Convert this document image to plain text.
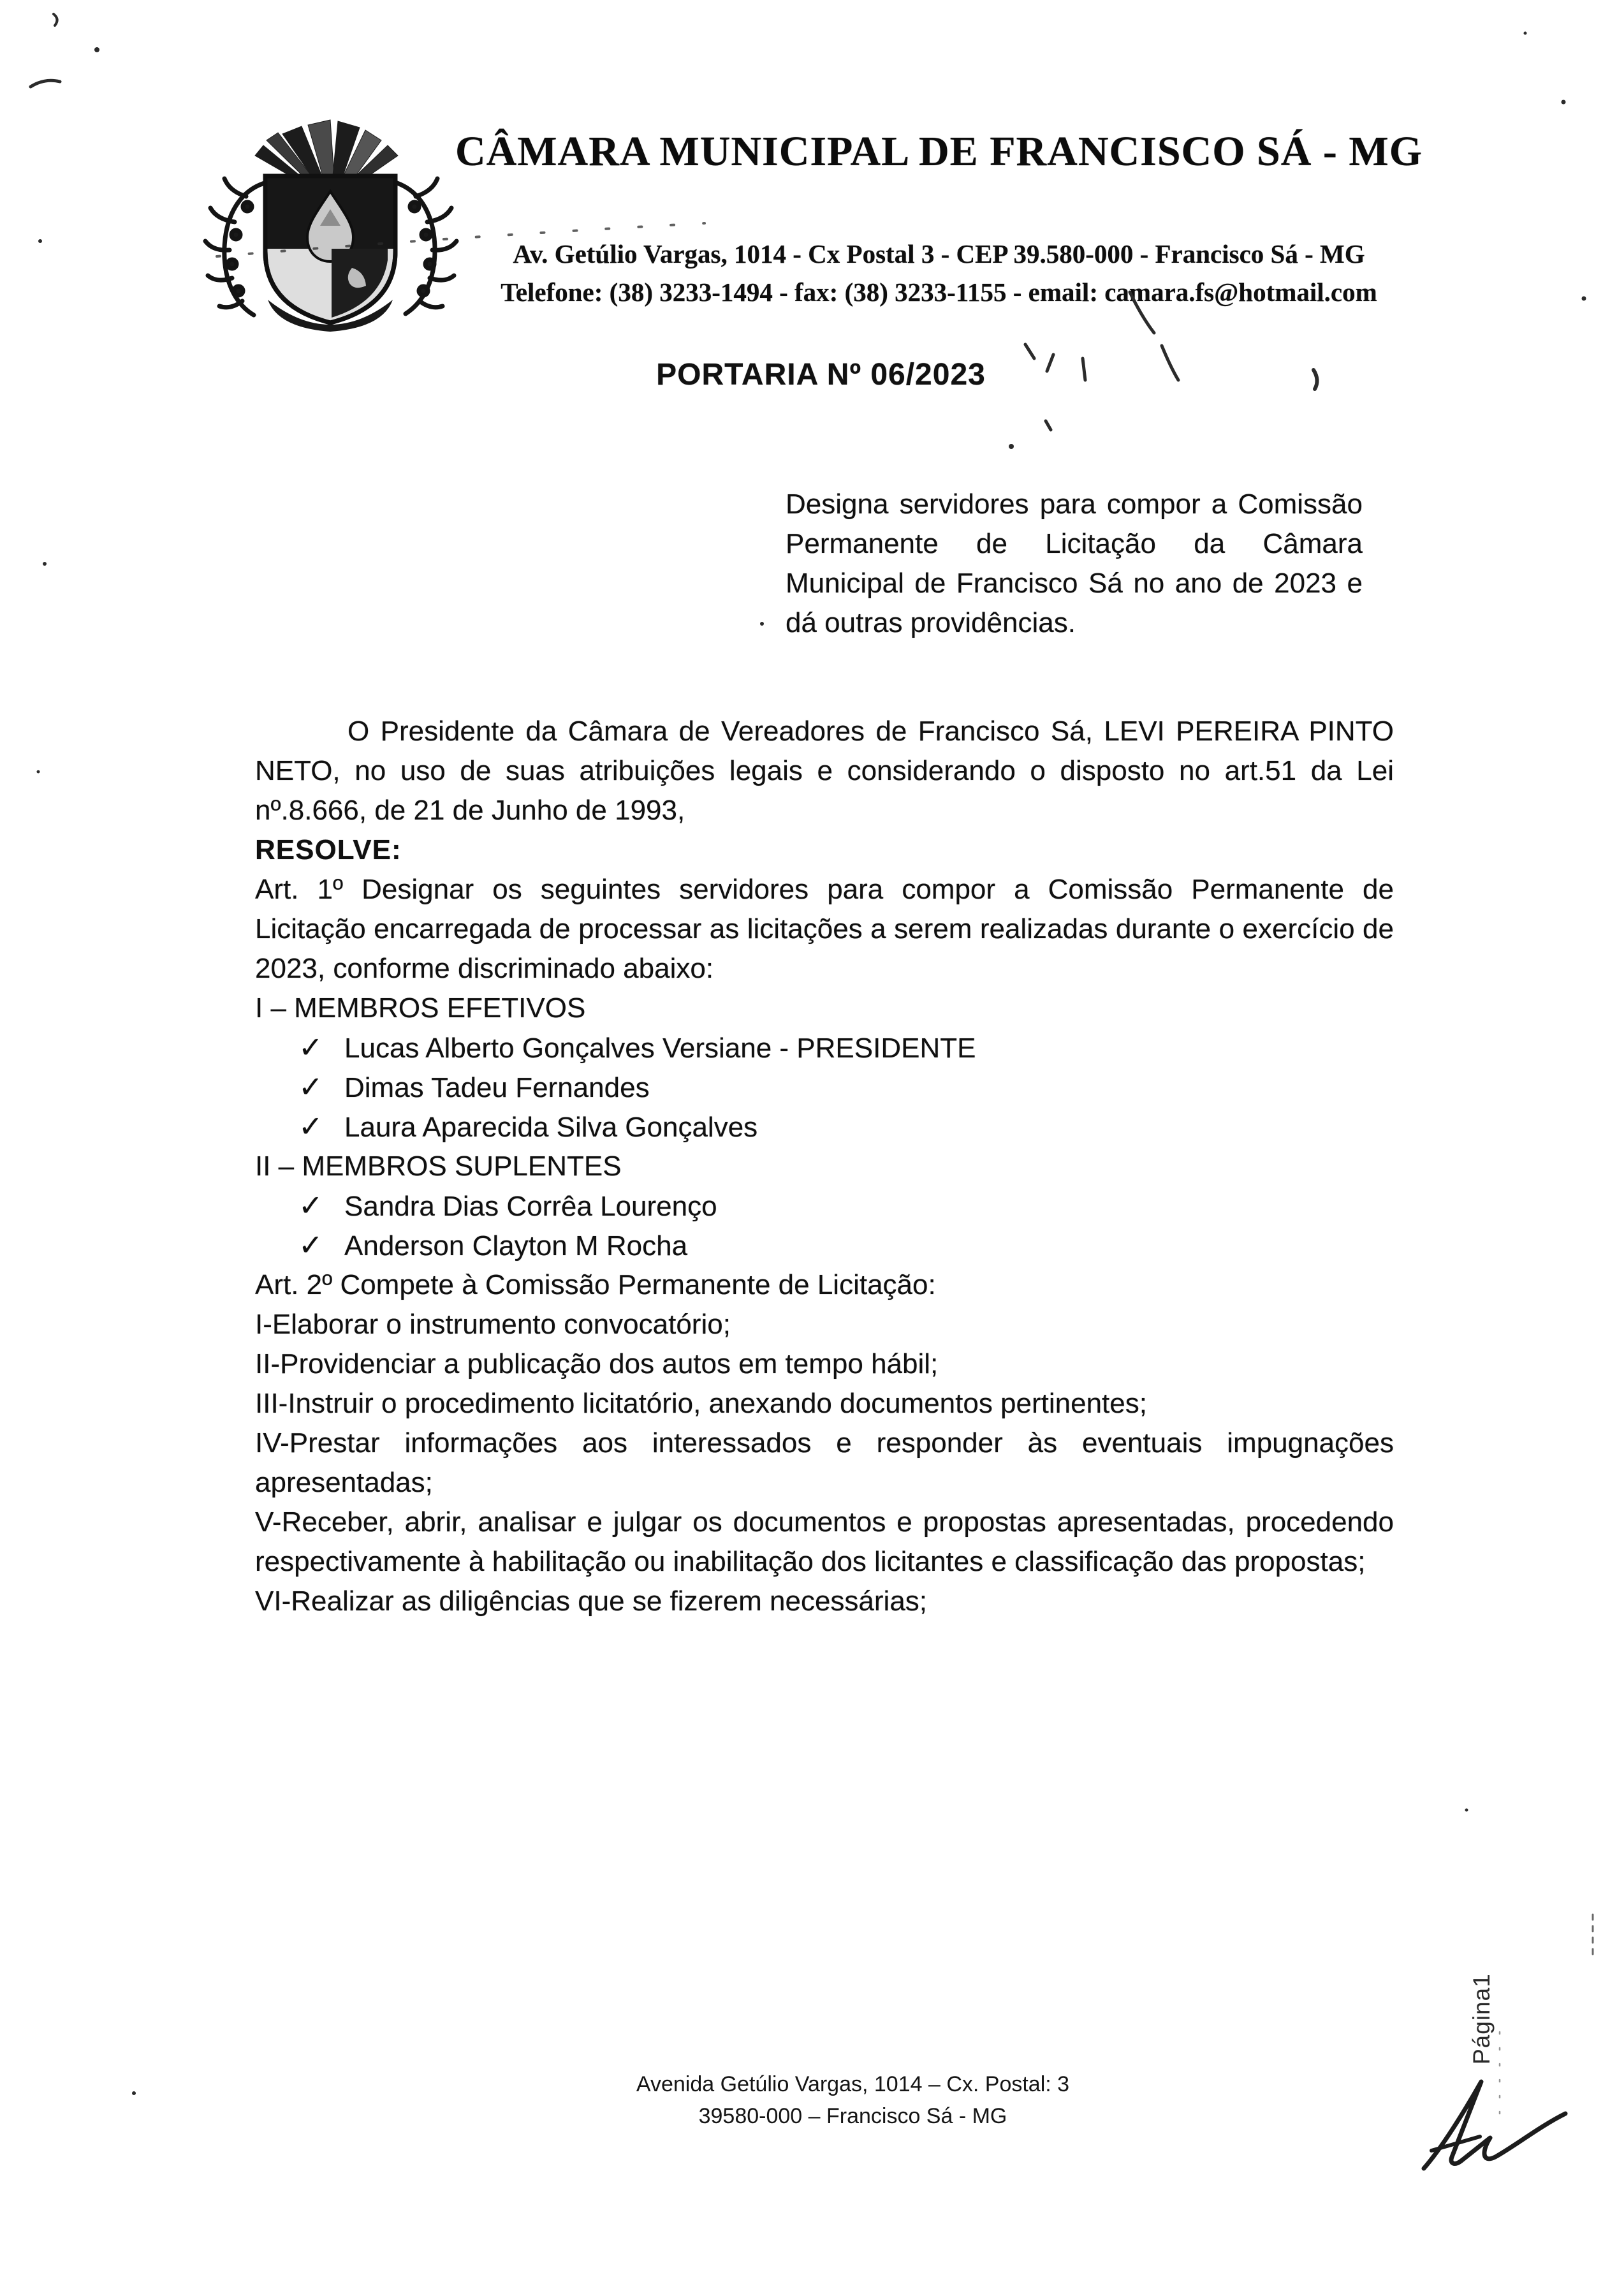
CÂMARA MUNICIPAL DE FRANCISCO SÁ - MG
Av. Getúlio Vargas, 1014 - Cx Postal 3 - CEP 39.580-000 - Francisco Sá - MG
Telefone: (38) 3233-1494 - fax: (38) 3233-1155 - email: camara.fs@hotmail.com
PORTARIA Nº 06/2023
Designa servidores para compor a Comissão Permanente de Licitação da Câmara Municipal de Francisco Sá no ano de 2023 e dá outras providências.

O Presidente da Câmara de Vereadores de Francisco Sá, LEVI PEREIRA PINTO NETO, no uso de suas atribuições legais e considerando o disposto no art.51 da Lei nº.8.666, de 21 de Junho de 1993,

RESOLVE:

Art. 1º Designar os seguintes servidores para compor a Comissão Permanente de Licitação encarregada de processar as licitações a serem realizadas durante o exercício de 2023, conforme discriminado abaixo:

I – MEMBROS EFETIVOS

✓ Lucas Alberto Gonçalves Versiane - PRESIDENTE
✓ Dimas Tadeu Fernandes
✓ Laura Aparecida Silva Gonçalves

II – MEMBROS SUPLENTES

✓ Sandra Dias Corrêa Lourenço
✓ Anderson Clayton M Rocha

Art. 2º Compete à Comissão Permanente de Licitação:

I-Elaborar o instrumento convocatório;

II-Providenciar a publicação dos autos em tempo hábil;

III-Instruir o procedimento licitatório, anexando documentos pertinentes;

IV-Prestar informações aos interessados e responder às eventuais impugnações apresentadas;

V-Receber, abrir, analisar e julgar os documentos e propostas apresentadas, procedendo respectivamente à habilitação ou inabilitação dos licitantes e classificação das propostas;

VI-Realizar as diligências que se fizerem necessárias;

Avenida Getúlio Vargas, 1014 – Cx. Postal: 3
39580-000 – Francisco Sá - MG
Página1
